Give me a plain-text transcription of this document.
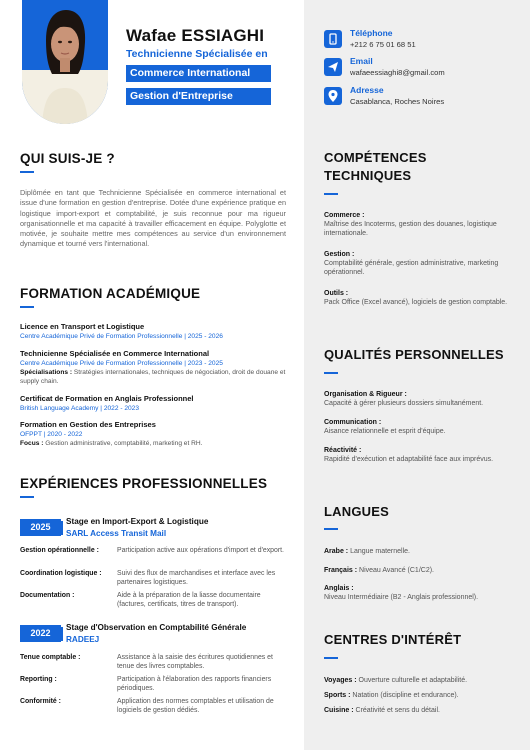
Wafae ESSIAGHI
Technicienne Spécialisée en
Commerce International
Gestion d'Entreprise
Téléphone
+212 6 75 01 68 51
Email
wafaeessiaghi8@gmail.com
Adresse
Casablanca, Roches Noires
QUI SUIS-JE ?
Diplômée en tant que Technicienne Spécialisée en commerce international et issue d'une formation en gestion d'entreprise. Dotée d'une expérience pratique en logistique import-export et comptabilité, je suis reconnue pour ma rigueur organisationnelle et ma capacité à travailler efficacement en équipe. Polyglotte et motivée, je souhaite mettre mes compétences au service d'un environnement dynamique et tourné vers l'international.
FORMATION ACADÉMIQUE
Licence en Transport et Logistique
Centre Académique Privé de Formation Professionnelle | 2025 - 2026
Technicienne Spécialisée en Commerce International
Centre Académique Privé de Formation Professionnelle | 2023 - 2025
Spécialisations : Stratégies internationales, techniques de négociation, droit de douane et supply chain.
Certificat de Formation en Anglais Professionnel
British Language Academy | 2022 - 2023
Formation en Gestion des Entreprises
OFPPT | 2020 - 2022
Focus : Gestion administrative, comptabilité, marketing et RH.
EXPÉRIENCES PROFESSIONNELLES
2025
Stage en Import-Export & Logistique
SARL Access Transit Mail
Gestion opérationnelle :	Participation active aux opérations d'import et d'export.
Coordination logistique :	Suivi des flux de marchandises et interface avec les partenaires logistiques.
Documentation :	Aide à la préparation de la liasse documentaire (factures, certificats, titres de transport).
2022
Stage d'Observation en Comptabilité Générale
RADEEJ
Tenue comptable :	Assistance à la saisie des écritures quotidiennes et tenue des livres comptables.
Reporting :	Participation à l'élaboration des rapports financiers périodiques.
Conformité :	Application des normes comptables et utilisation de logiciels de gestion dédiés.
COMPÉTENCES
TECHNIQUES
Commerce :
Maîtrise des Incoterms, gestion des douanes, logistique internationale.
Gestion :
Comptabilité générale, gestion administrative, marketing opérationnel.
Outils :
Pack Office (Excel avancé), logiciels de gestion comptable.
QUALITÉS PERSONNELLES
Organisation & Rigueur :
Capacité à gérer plusieurs dossiers simultanément.
Communication :
Aisance relationnelle et esprit d'équipe.
Réactivité :
Rapidité d'exécution et adaptabilité face aux imprévus.
LANGUES
Arabe : Langue maternelle.
Français : Niveau Avancé (C1/C2).
Anglais :
Niveau Intermédiaire (B2 - Anglais professionnel).
CENTRES D'INTÉRÊT
Voyages : Ouverture culturelle et adaptabilité.
Sports : Natation (discipline et endurance).
Cuisine : Créativité et sens du détail.
